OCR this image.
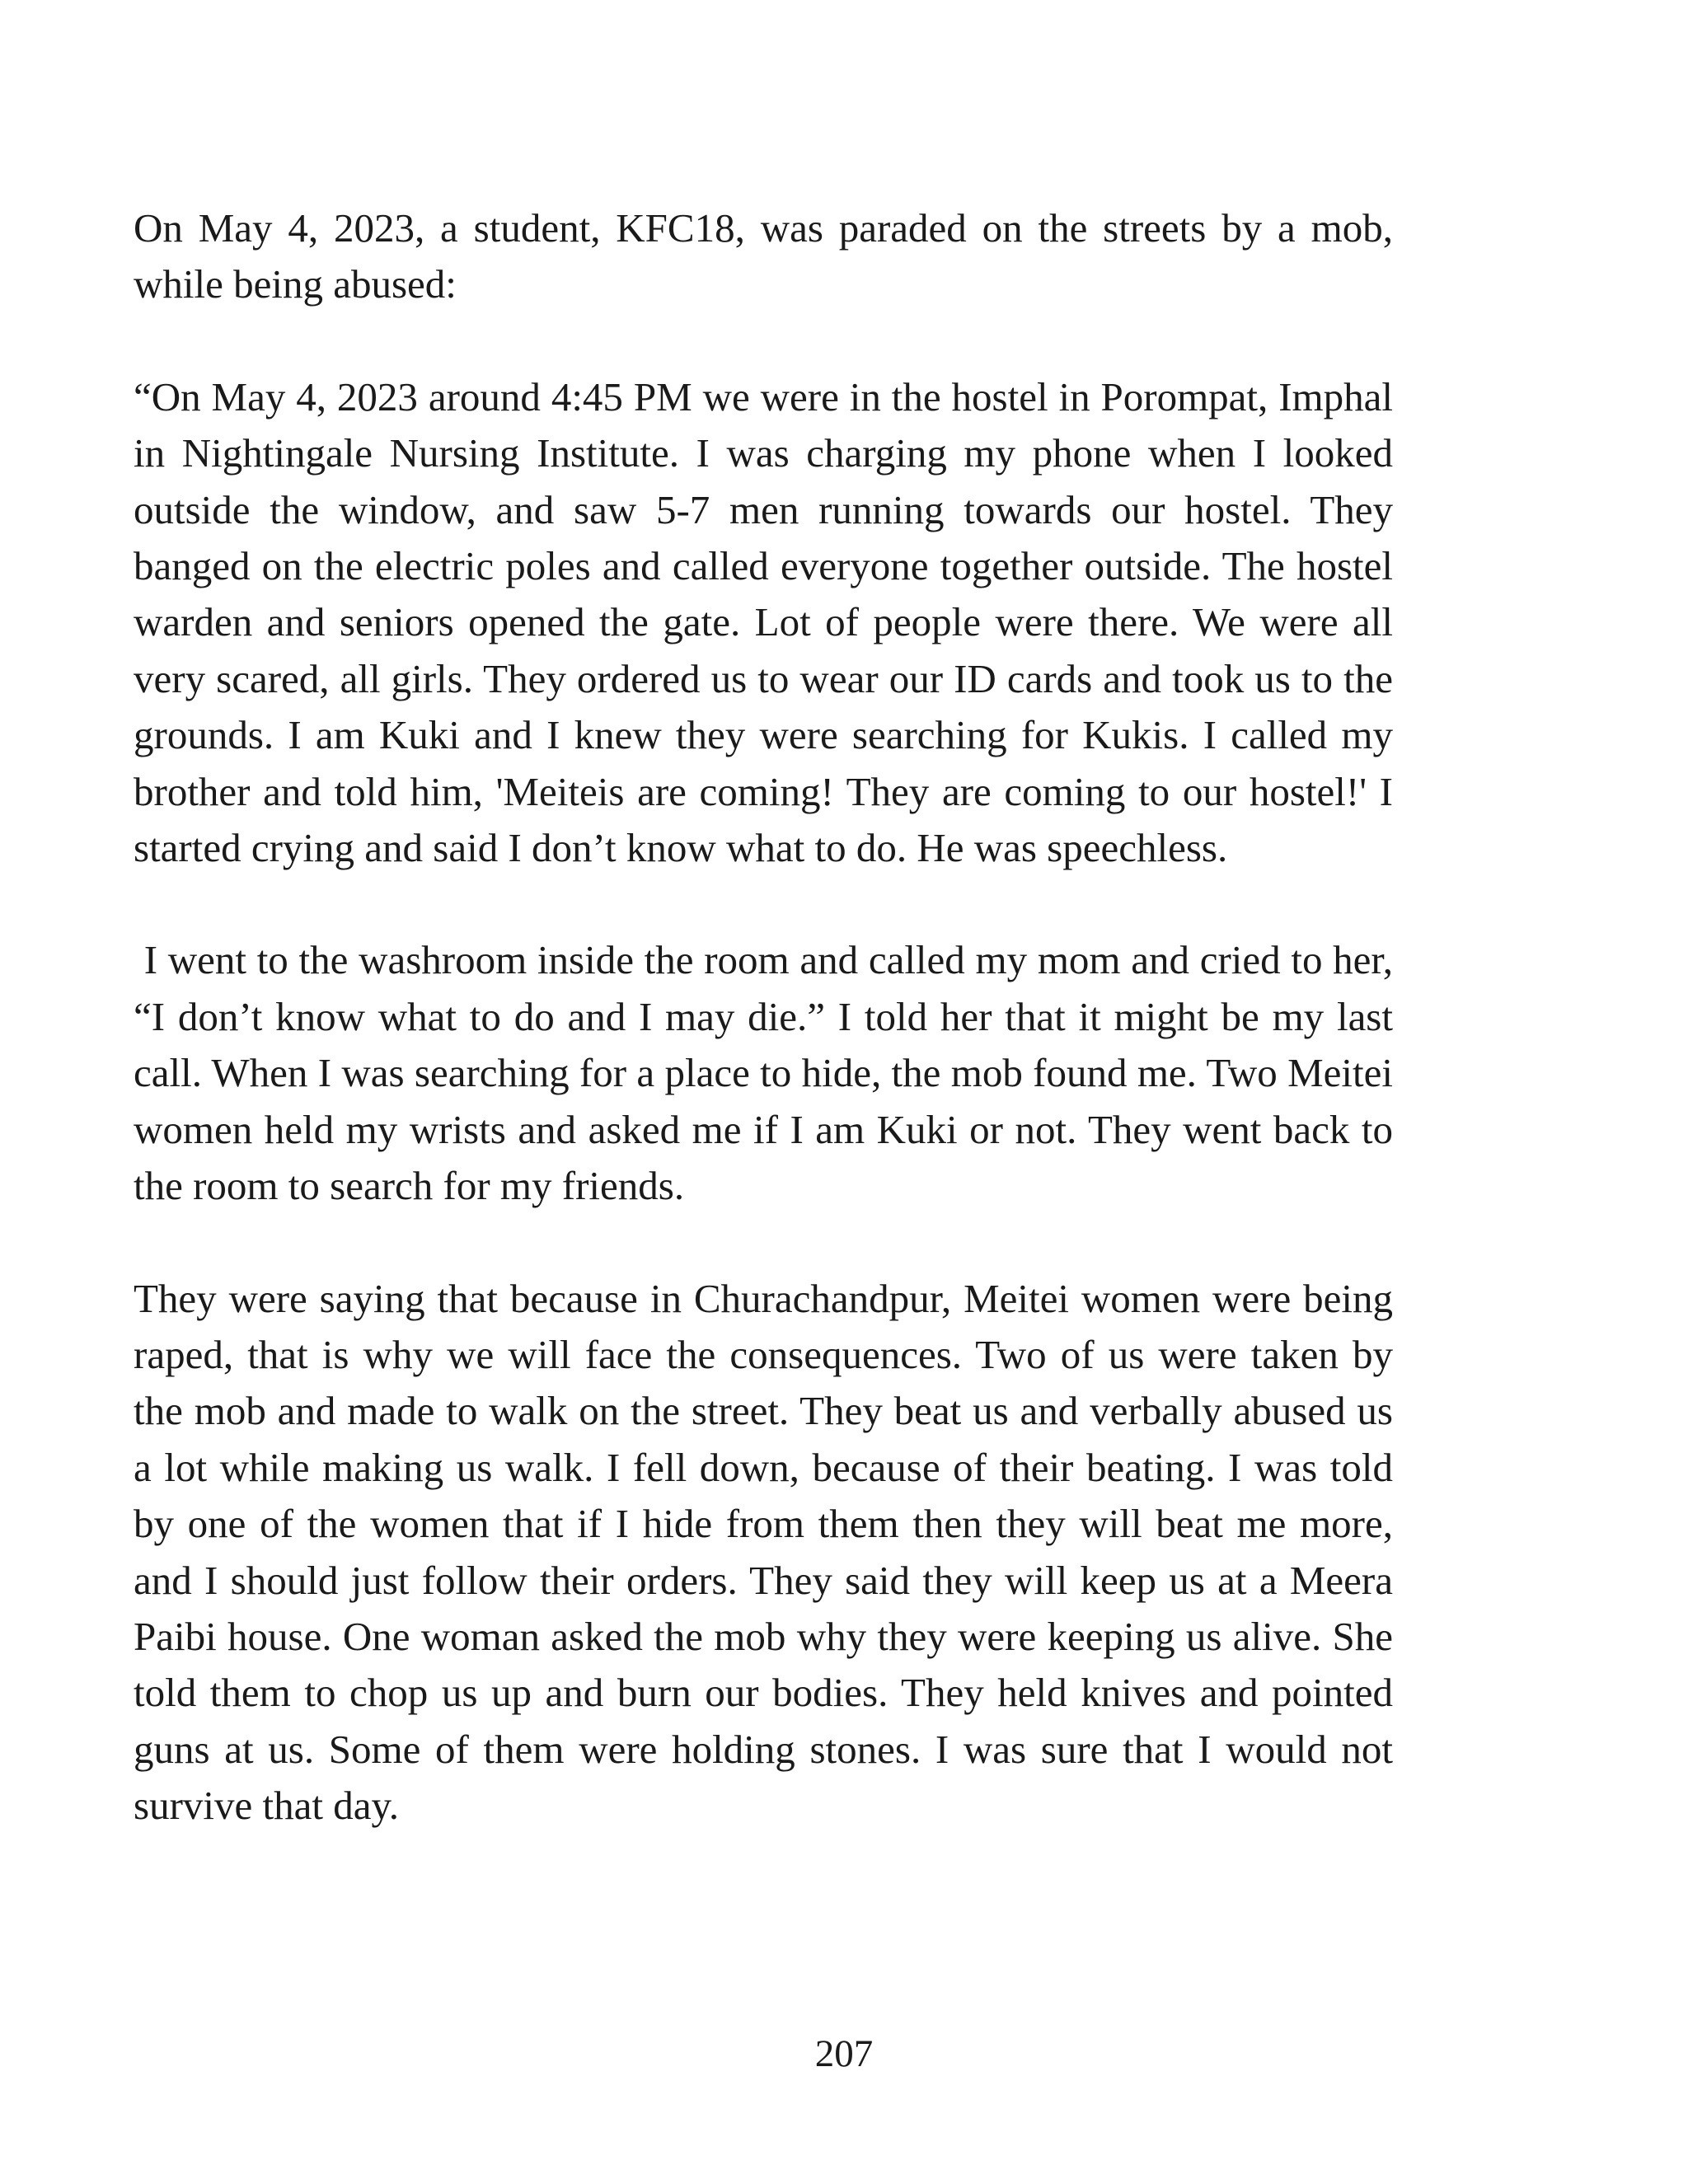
On May 4, 2023, a student, KFC18, was paraded on the streets by a mob, while being abused:

“On May 4, 2023 around 4:45 PM we were in the hostel in Porompat, Imphal in Nightingale Nursing Institute. I was charging my phone when I looked outside the window, and saw 5-7 men running towards our hostel. They banged on the electric poles and called everyone together outside. The hostel warden and seniors opened the gate. Lot of people were there. We were all very scared, all girls. They ordered us to wear our ID cards and took us to the grounds. I am Kuki and I knew they were searching for Kukis. I called my brother and told him, 'Meiteis are coming! They are coming to our hostel!' I started crying and said I don’t know what to do. He was speechless.

I went to the washroom inside the room and called my mom and cried to her, “I don’t know what to do and I may die.” I told her that it might be my last call. When I was searching for a place to hide, the mob found me. Two Meitei women held my wrists and asked me if I am Kuki or not. They went back to the room to search for my friends.

They were saying that because in Churachandpur, Meitei women were being raped, that is why we will face the consequences. Two of us were taken by the mob and made to walk on the street. They beat us and verbally abused us a lot while making us walk. I fell down, because of their beating. I was told by one of the women that if I hide from them then they will beat me more, and I should just follow their orders. They said they will keep us at a Meera Paibi house. One woman asked the mob why they were keeping us alive. She told them to chop us up and burn our bodies. They held knives and pointed guns at us. Some of them were holding stones. I was sure that I would not survive that day.

207
